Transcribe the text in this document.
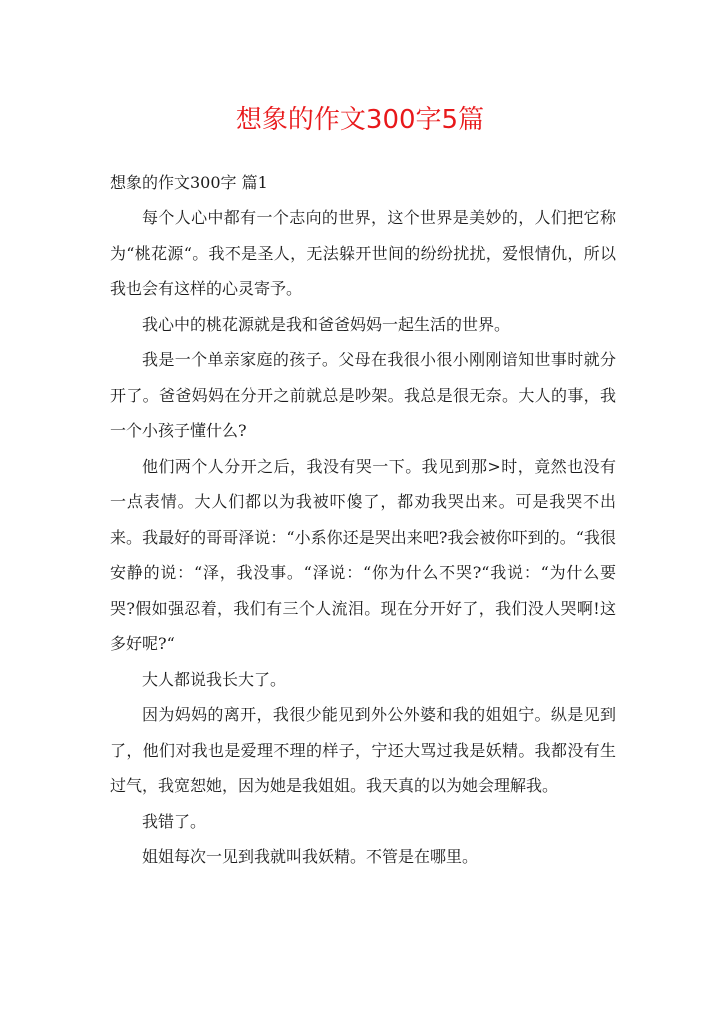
想象的作文300字5篇

想象的作文300字 篇1

每个人心中都有一个志向的世界，这个世界是美妙的，人们把它称为“桃花源“。我不是圣人，无法躲开世间的纷纷扰扰，爱恨情仇，所以我也会有这样的心灵寄予。

我心中的桃花源就是我和爸爸妈妈一起生活的世界。

我是一个单亲家庭的孩子。父母在我很小很小刚刚谙知世事时就分开了。爸爸妈妈在分开之前就总是吵架。我总是很无奈。大人的事，我一个小孩子懂什么?

他们两个人分开之后，我没有哭一下。我见到那>时，竟然也没有一点表情。大人们都以为我被吓傻了，都劝我哭出来。可是我哭不出来。我最好的哥哥泽说：“小系你还是哭出来吧?我会被你吓到的。“我很安静的说：“泽，我没事。“泽说：“你为什么不哭?“我说：“为什么要哭?假如强忍着，我们有三个人流泪。现在分开好了，我们没人哭啊!这多好呢?“

大人都说我长大了。

因为妈妈的离开，我很少能见到外公外婆和我的姐姐宁。纵是见到了，他们对我也是爱理不理的样子，宁还大骂过我是妖精。我都没有生过气，我宽恕她，因为她是我姐姐。我天真的以为她会理解我。

我错了。

姐姐每次一见到我就叫我妖精。不管是在哪里。
